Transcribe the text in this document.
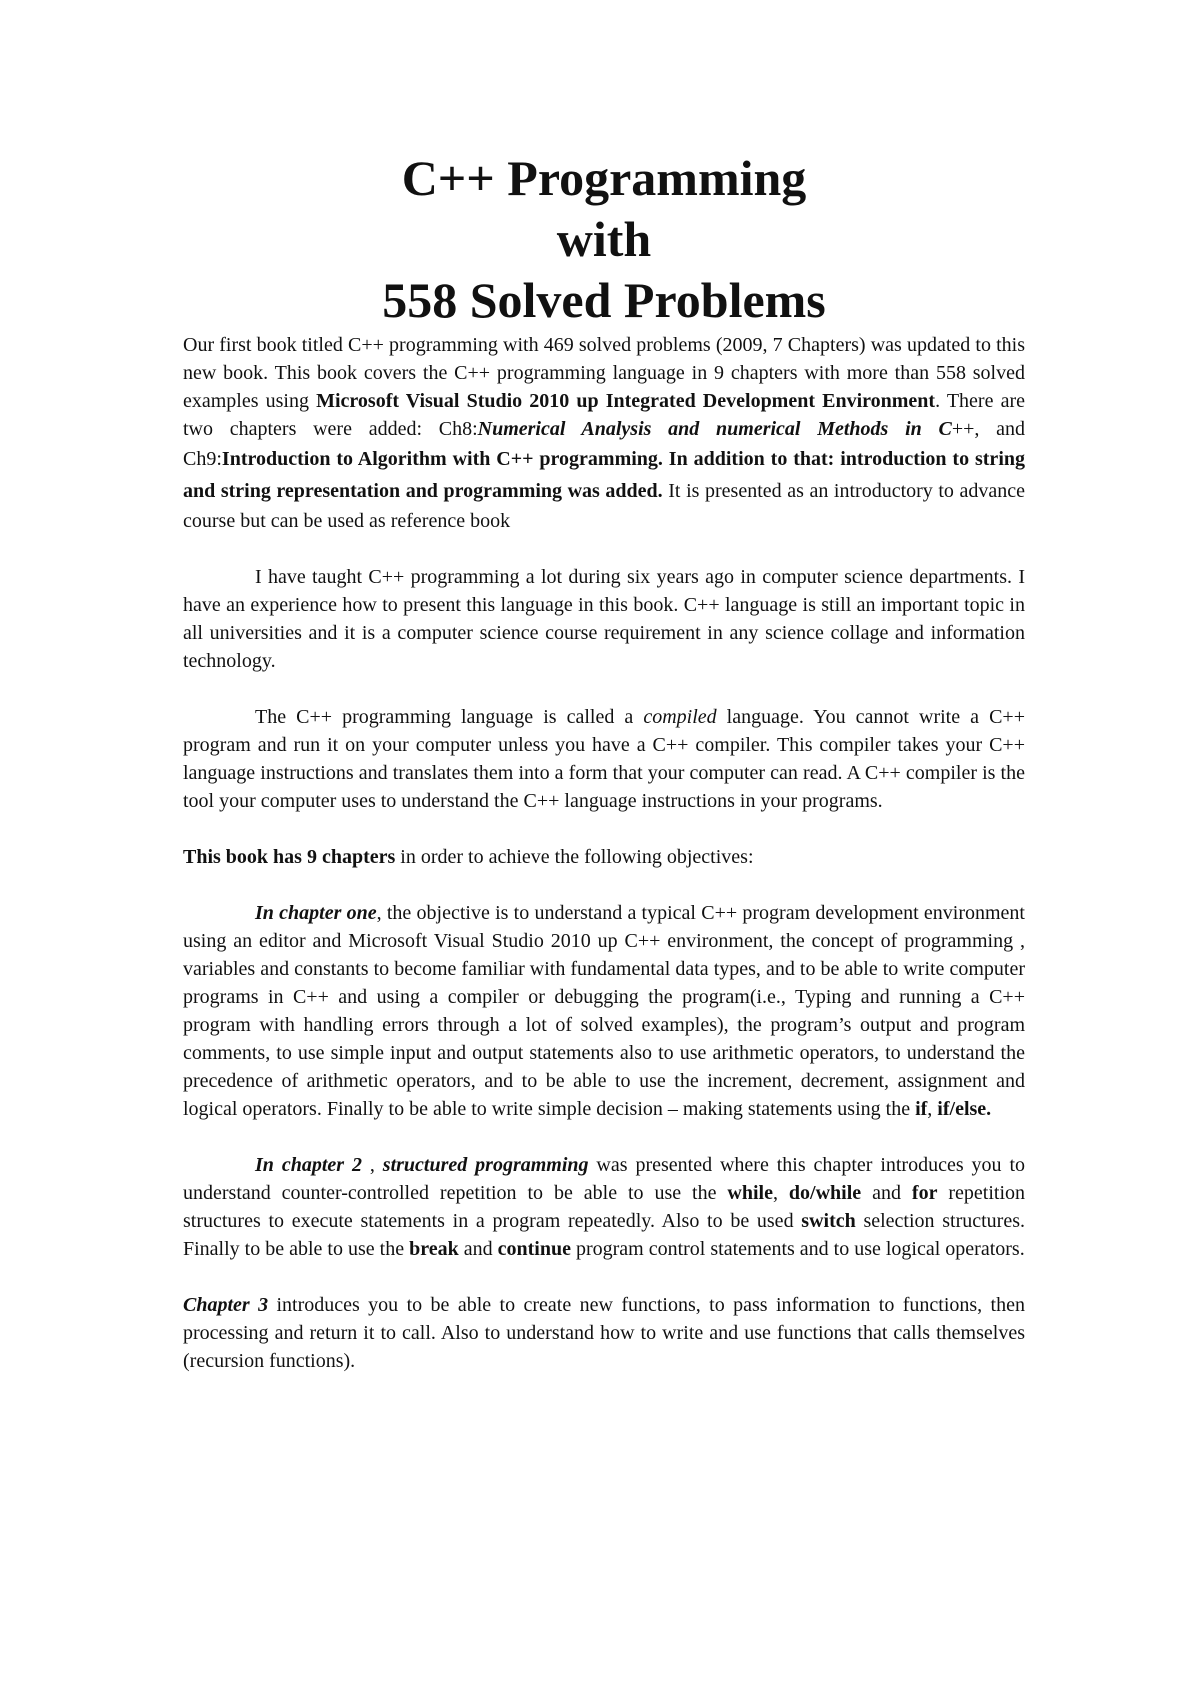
C++ Programming
with
558 Solved Problems

Our first book titled C++ programming with 469 solved problems (2009, 7 Chapters) was updated to this new book. This book covers the C++ programming language in 9 chapters with more than 558 solved examples using Microsoft Visual Studio 2010 up Integrated Development Environment. There are two chapters were added: Ch8:Numerical Analysis and numerical Methods in C++, and Ch9:Introduction to Algorithm with C++ programming. In addition to that: introduction to string and string representation and programming was added. It is presented as an introductory to advance course but can be used as reference book

I have taught C++ programming a lot during six years ago in computer science departments. I have an experience how to present this language in this book. C++ language is still an important topic in all universities and it is a computer science course requirement in any science collage and information technology.

The C++ programming language is called a compiled language. You cannot write a C++ program and run it on your computer unless you have a C++ compiler. This compiler takes your C++ language instructions and translates them into a form that your computer can read. A C++ compiler is the tool your computer uses to understand the C++ language instructions in your programs.

This book has 9 chapters in order to achieve the following objectives:

In chapter one, the objective is to understand a typical C++ program development environment using an editor and Microsoft Visual Studio 2010 up C++ environment, the concept of programming , variables and constants to become familiar with fundamental data types, and to be able to write computer programs in C++ and using a compiler or debugging the program(i.e., Typing and running a C++ program with handling errors through a lot of solved examples), the program’s output and program comments, to use simple input and output statements also to use arithmetic operators, to understand the precedence of arithmetic operators, and to be able to use the increment, decrement, assignment and logical operators. Finally to be able to write simple decision – making statements using the if, if/else.

In chapter 2 , structured programming was presented where this chapter introduces you to understand counter-controlled repetition to be able to use the while, do/while and for repetition structures to execute statements in a program repeatedly. Also to be used switch selection structures. Finally to be able to use the break and continue program control statements and to use logical operators.

Chapter 3 introduces you to be able to create new functions, to pass information to functions, then processing and return it to call. Also to understand how to write and use functions that calls themselves (recursion functions).
